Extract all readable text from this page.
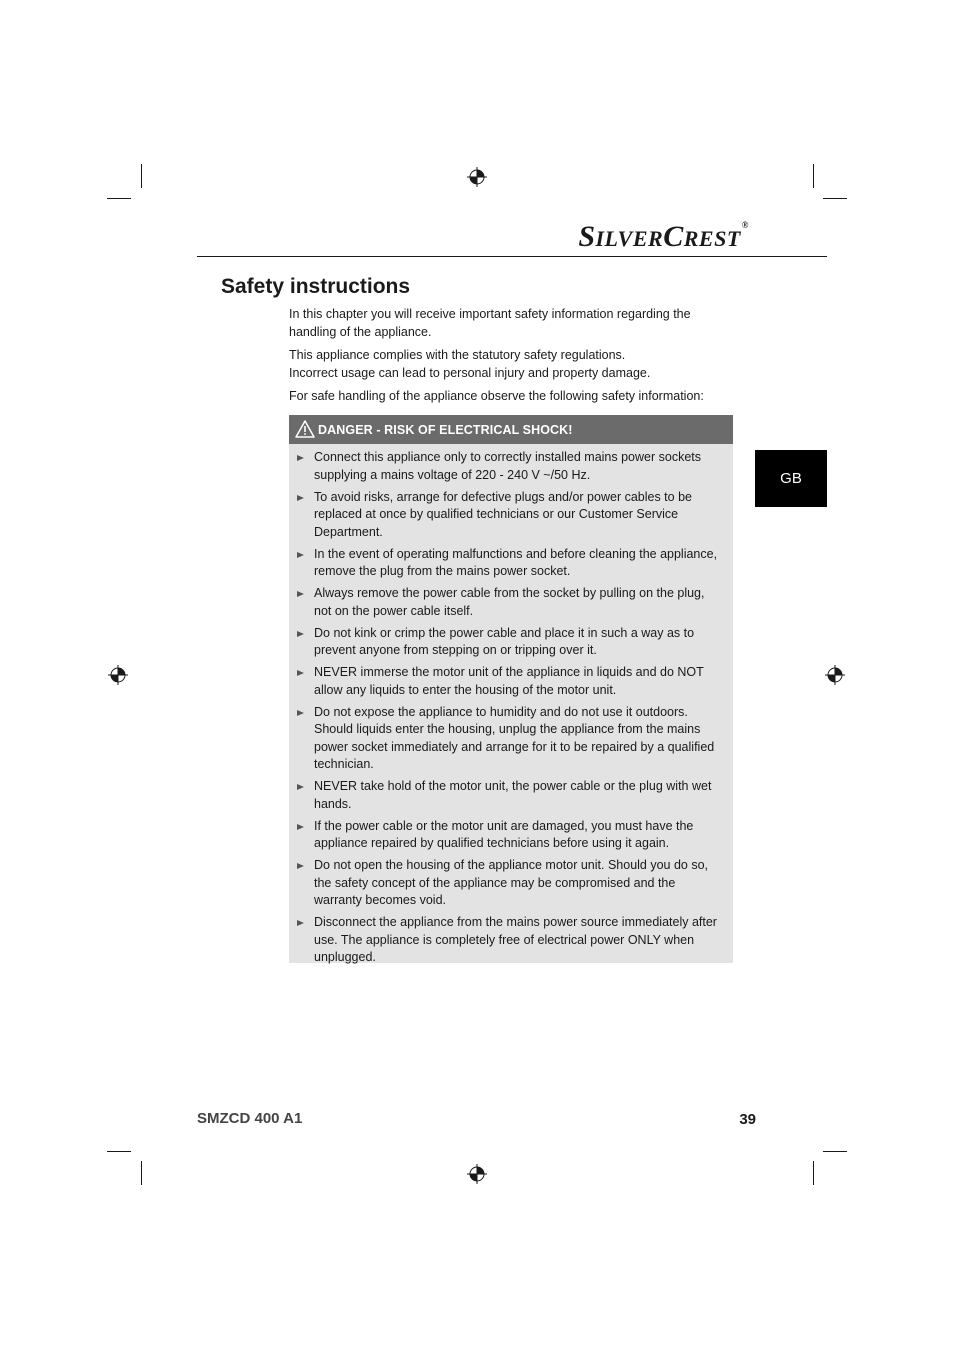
SILVERCREST®
Safety instructions

In this chapter you will receive important safety information regarding the handling of the appliance.

This appliance complies with the statutory safety regulations.
Incorrect usage can lead to personal injury and property damage.

For safe handling of the appliance observe the following safety information:

DANGER - RISK OF ELECTRICAL SHOCK!
Connect this appliance only to correctly installed mains power sockets supplying a mains voltage of 220 - 240 V ~/50 Hz.
To avoid risks, arrange for defective plugs and/or power cables to be replaced at once by qualified technicians or our Customer Service Department.
In the event of operating malfunctions and before cleaning the appliance, remove the plug from the mains power socket.
Always remove the power cable from the socket by pulling on the plug, not on the power cable itself.
Do not kink or crimp the power cable and place it in such a way as to prevent anyone from stepping on or tripping over it.
NEVER immerse the motor unit of the appliance in liquids and do NOT allow any liquids to enter the housing of the motor unit.
Do not expose the appliance to humidity and do not use it outdoors. Should liquids enter the housing, unplug the appliance from the mains power socket immediately and arrange for it to be repaired by a qualified technician.
NEVER take hold of the motor unit, the power cable or the plug with wet hands.
If the power cable or the motor unit are damaged, you must have the appliance repaired by qualified technicians before using it again.
Do not open the housing of the appliance motor unit. Should you do so, the safety concept of the appliance may be compromised and the warranty becomes void.
Disconnect the appliance from the mains power source immediately after use. The appliance is completely free of electrical power ONLY when unplugged.
GB
SMZCD 400 A1	39
